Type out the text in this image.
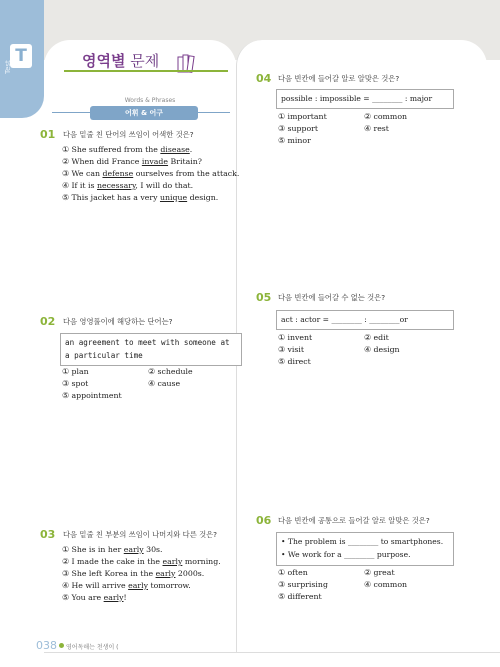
T
Test	영역별 문제
Words & Phrases
어휘 & 어구
01 다음 밑줄 친 단어의 쓰임이 어색한 것은?
① She suffered from the disease.
② When did France invade Britain?
③ We can defense ourselves from the attack.
④ If it is necessary, I will do that.
⑤ This jacket has a very unique design.
02 다음 영영풀이에 해당하는 단어는?
an agreement to meet with someone at a particular time
① plan	② schedule
③ spot	④ cause
⑤ appointment
03 다음 밑줄 친 부분의 쓰임이 나머지와 다른 것은?
① She is in her early 30s.
② I made the cake in the early morning.
③ She left Korea in the early 2000s.
④ He will arrive early tomorrow.
⑤ You are early!
04 다음 빈칸에 들어갈 알로 알맞은 것은?
possible : impossible = ________ : major
① important	② common
③ support	④ rest
⑤ minor
05 다음 빈칸에 들어갈 수 없는 것은?
act : actor = ________ : ________or
① invent	② edit
③ visit	④ design
⑤ direct
06 다음 빈칸에 공통으로 들어갈 알로 알맞은 것은?
• The problem is ________ to smartphones.
• We work for a ________ purpose.
① often	② great
③ surprising	④ common
⑤ different
038 영어독해는 천생이 (
